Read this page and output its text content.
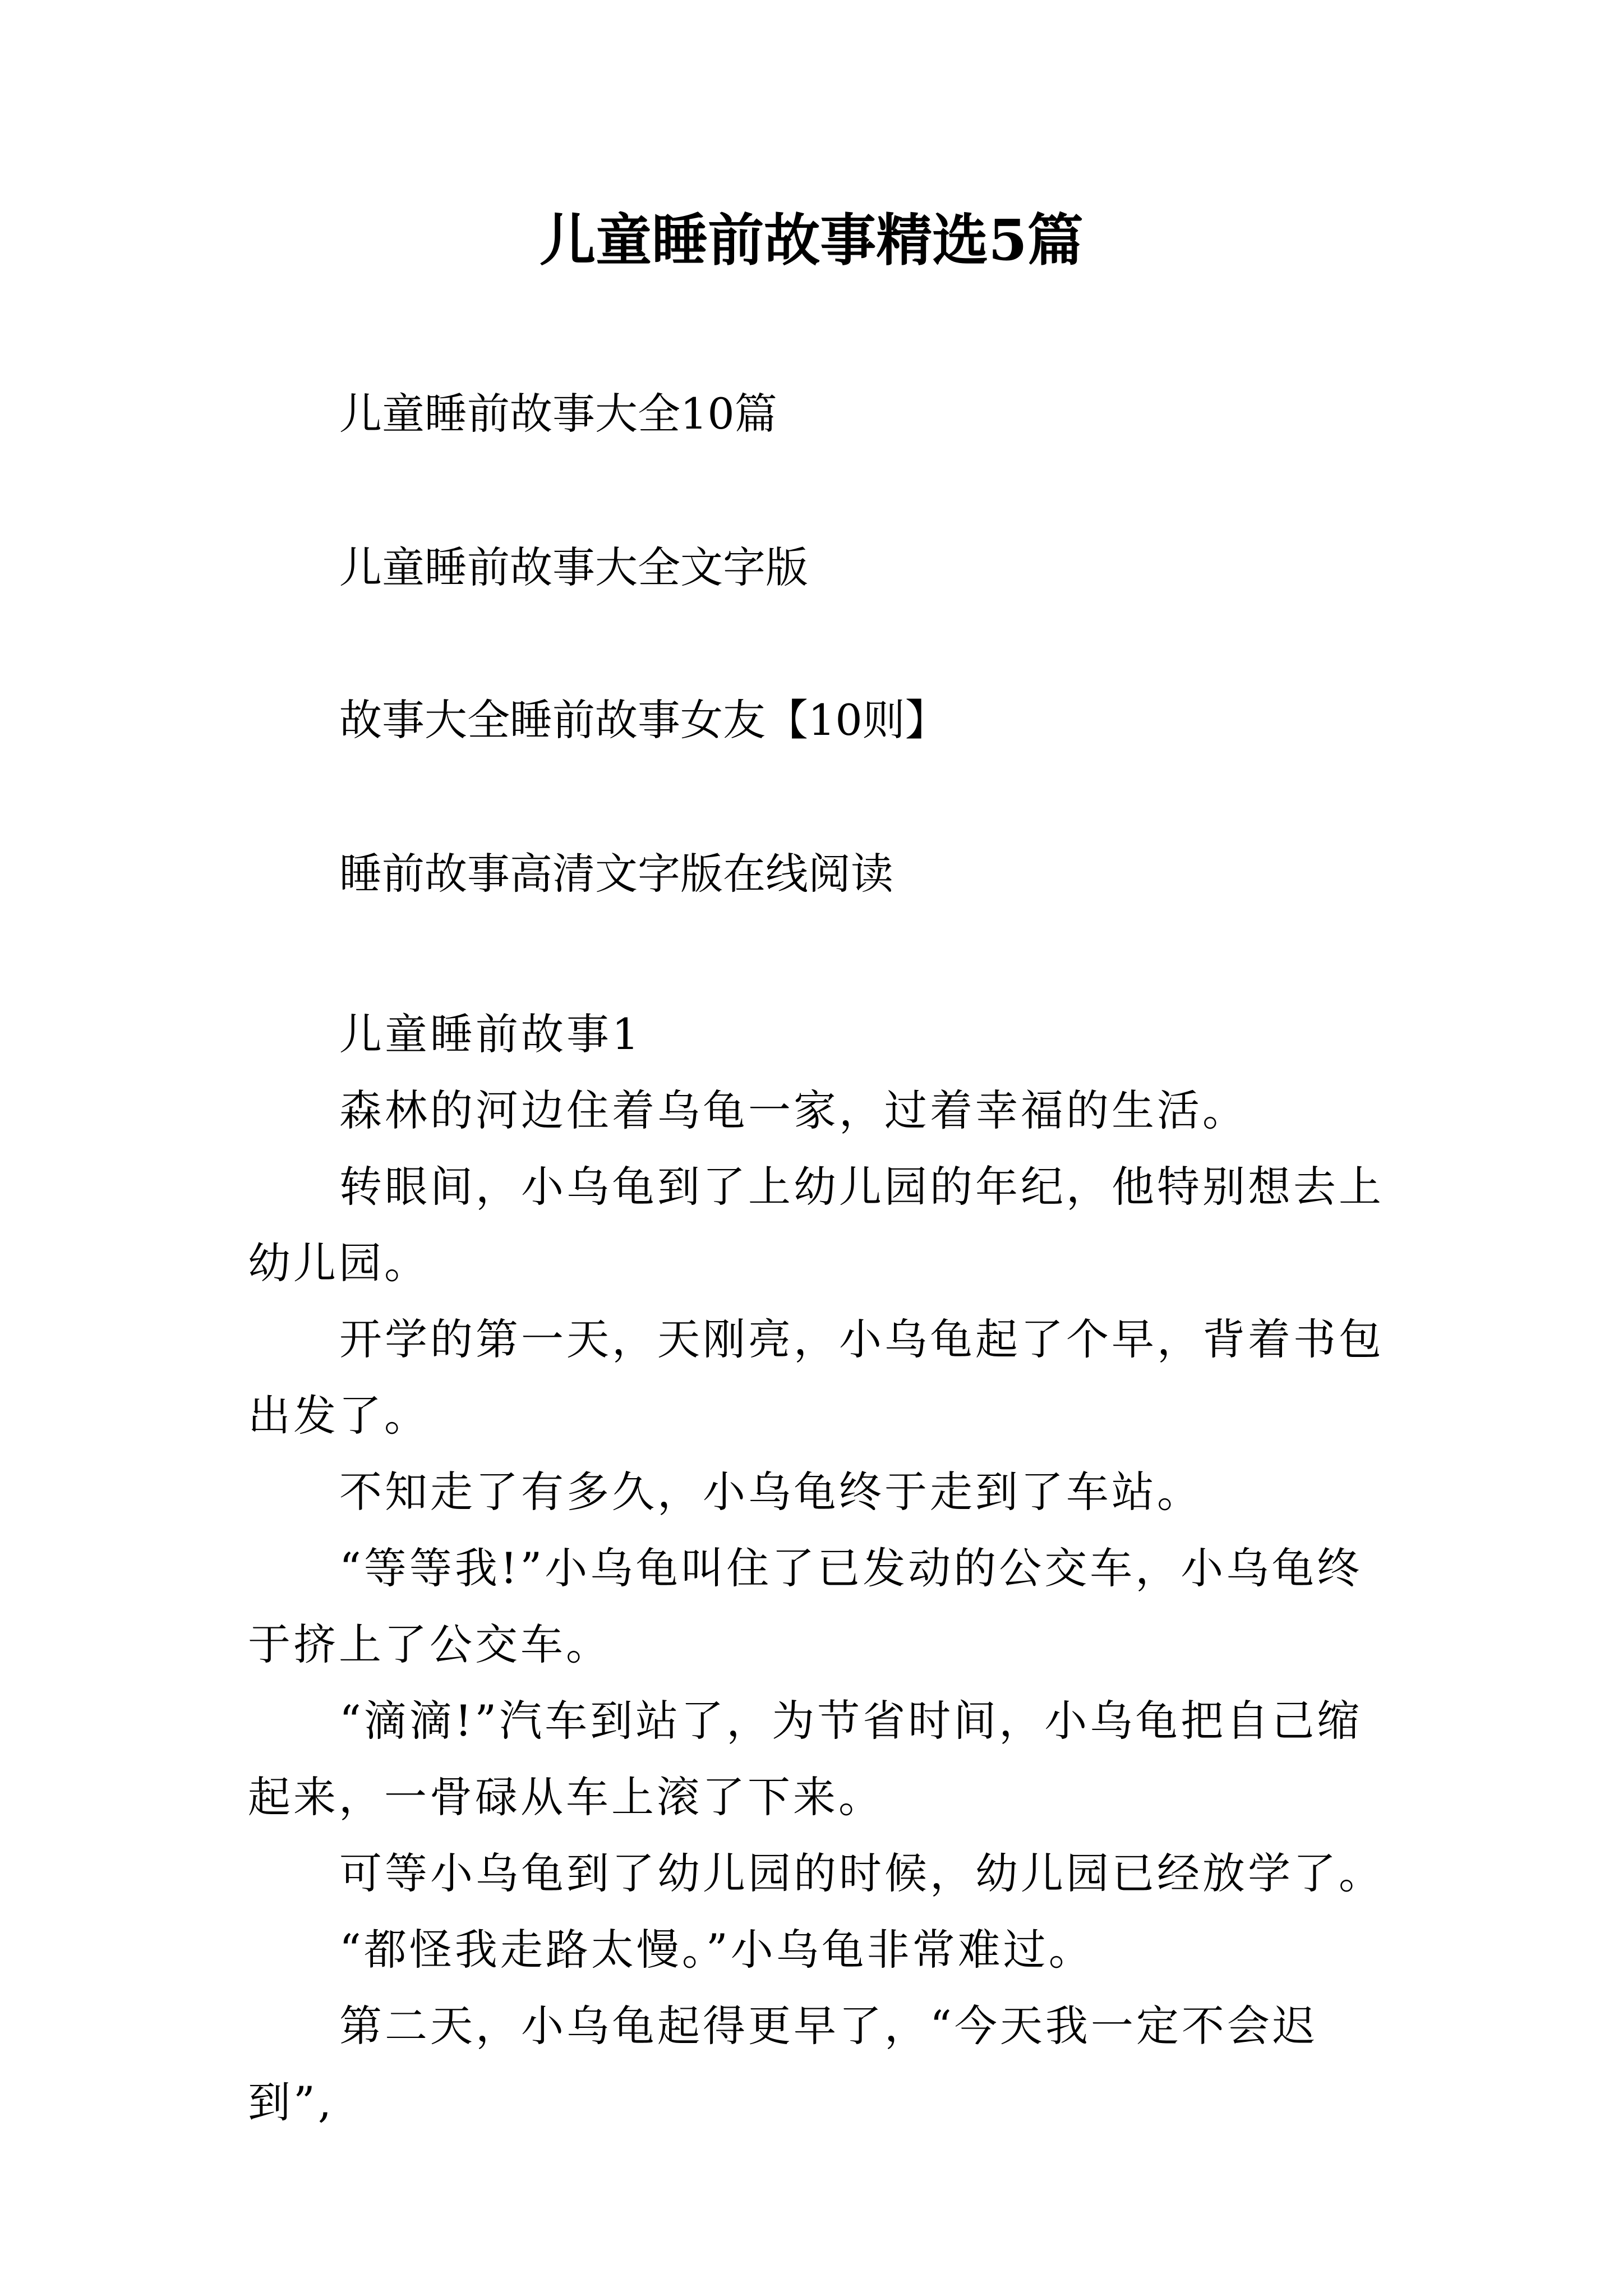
儿童睡前故事精选5篇
儿童睡前故事大全10篇
儿童睡前故事大全文字版
故事大全睡前故事女友【10则】
睡前故事高清文字版在线阅读

儿童睡前故事1

森林的河边住着乌龟一家，过着幸福的生活。

转眼间，小乌龟到了上幼儿园的年纪，他特别想去上幼儿园。

开学的第一天，天刚亮，小乌龟起了个早，背着书包出发了。

不知走了有多久，小乌龟终于走到了车站。

“等等我!”小乌龟叫住了已发动的公交车，小乌龟终于挤上了公交车。

“滴滴!”汽车到站了，为节省时间，小乌龟把自己缩起来，一骨碌从车上滚了下来。

可等小乌龟到了幼儿园的时候，幼儿园已经放学了。

“都怪我走路太慢。”小乌龟非常难过。

第二天，小乌龟起得更早了，“今天我一定不会迟到”,
